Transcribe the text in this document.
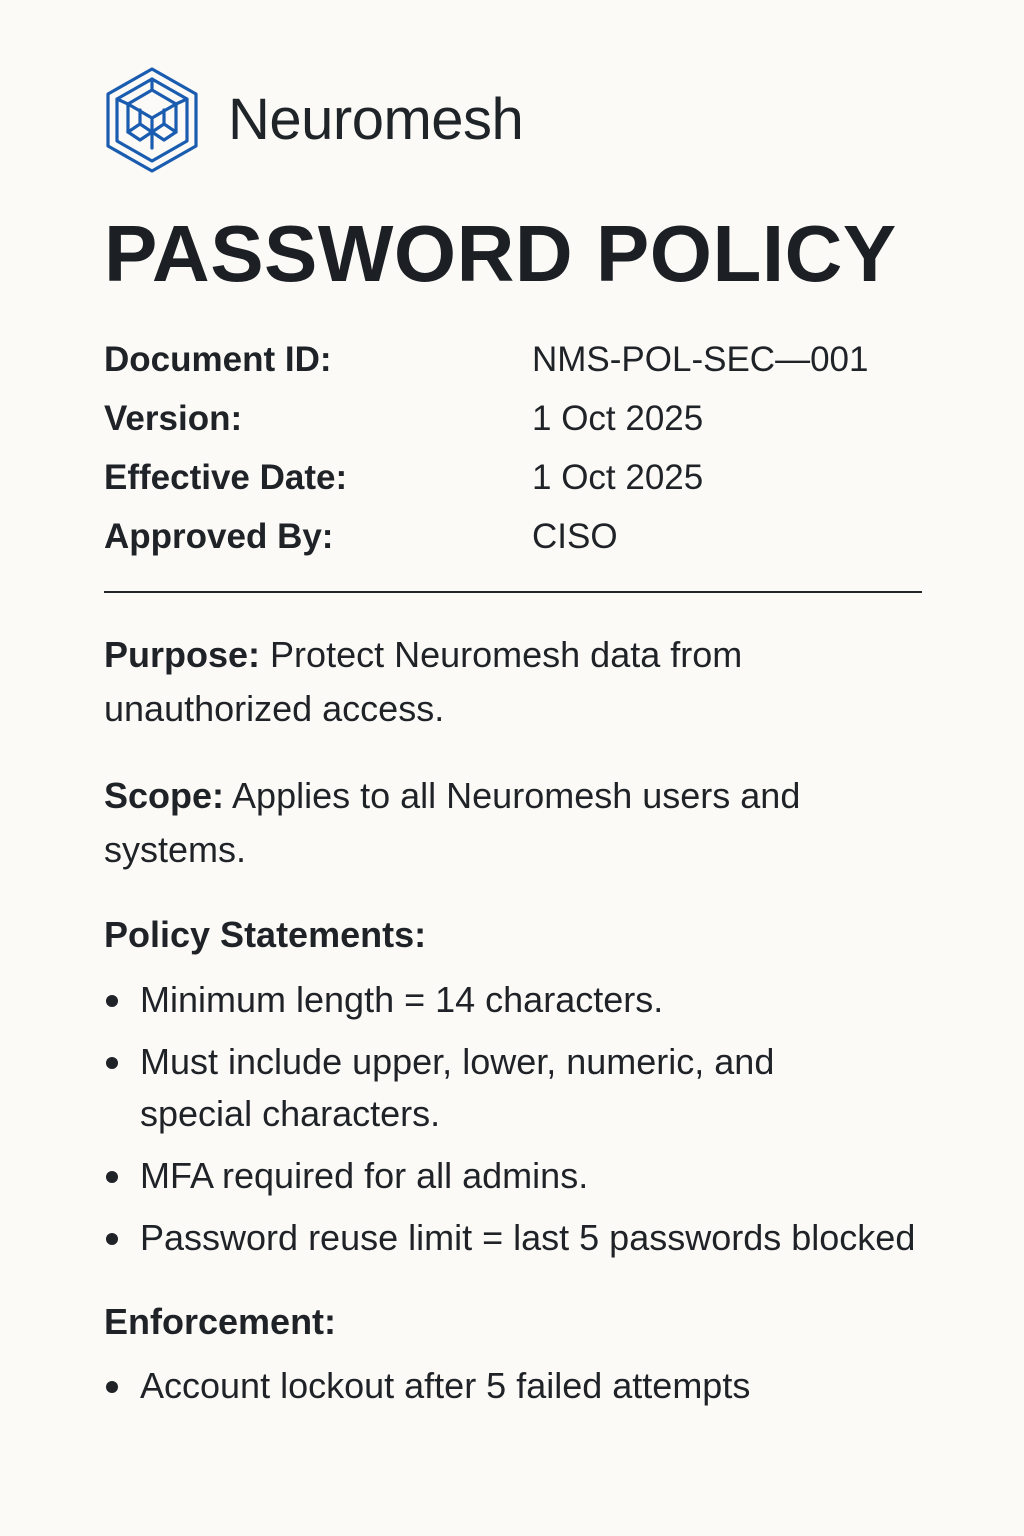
Neuromesh
PASSWORD POLICY
Document ID:	NMS-POL-SEC—001
Version:	1 Oct 2025
Effective Date:	1 Oct 2025
Approved By:	CISO

Purpose: Protect Neuromesh data from unauthorized access.

Scope: Applies to all Neuromesh users and systems.

Policy Statements:
Minimum length = 14 characters.
Must include upper, lower, numeric, and special characters.
MFA required for all admins.
Password reuse limit = last 5 passwords blocked
Enforcement:
Account lockout after 5 failed attempts
